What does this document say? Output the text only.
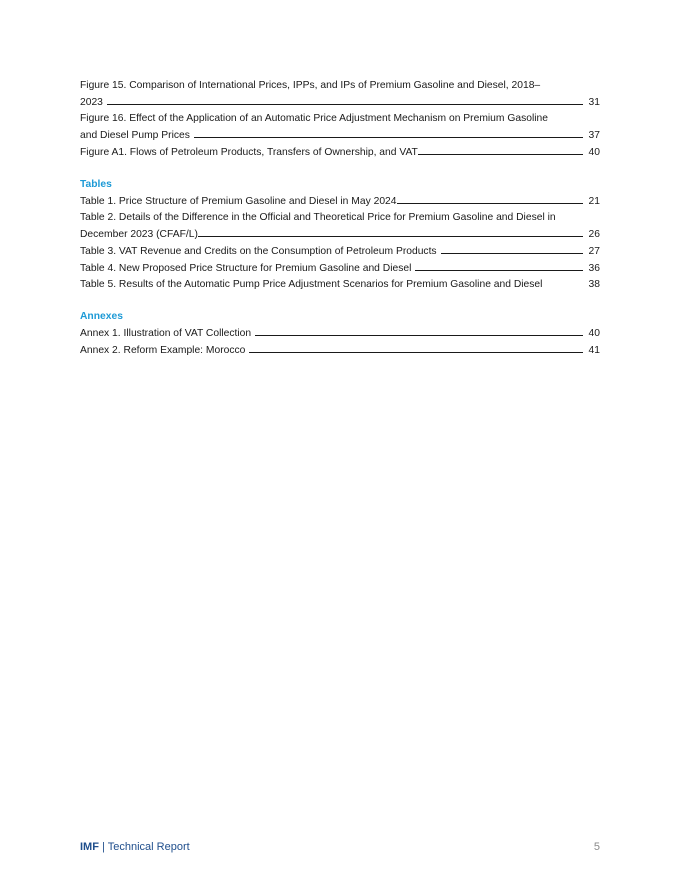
Figure 15. Comparison of International Prices, IPPs, and IPs of Premium Gasoline and Diesel, 2018–
2023	31
Figure 16. Effect of the Application of an Automatic Price Adjustment Mechanism on Premium Gasoline
and Diesel Pump Prices	37
Figure A1. Flows of Petroleum Products, Transfers of Ownership, and VAT	40
Tables
Table 1. Price Structure of Premium Gasoline and Diesel in May 2024	21
Table 2. Details of the Difference in the Official and Theoretical Price for Premium Gasoline and Diesel in
December 2023 (CFAF/L)	26
Table 3. VAT Revenue and Credits on the Consumption of Petroleum Products	27
Table 4. New Proposed Price Structure for Premium Gasoline and Diesel	36
Table 5. Results of the Automatic Pump Price Adjustment Scenarios for Premium Gasoline and Diesel	38
Annexes
Annex 1. Illustration of VAT Collection	40
Annex 2. Reform Example: Morocco	41
IMF | Technical Report	5
